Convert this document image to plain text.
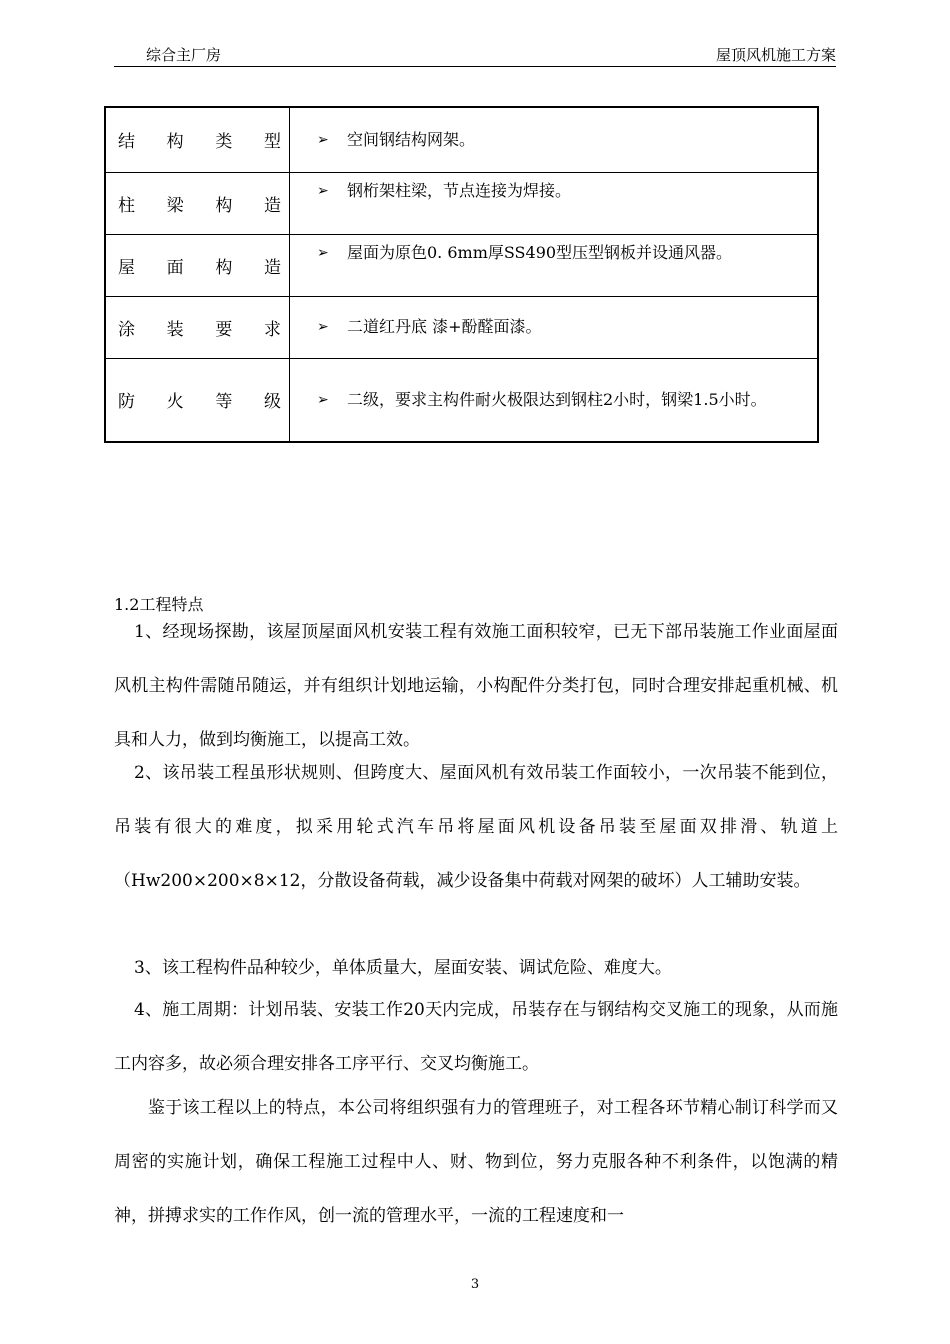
综合主厂房	屋顶风机施工方案
结 构 类 型	➢ 空间钢结构网架。

柱 梁 构 造	➢ 钢桁架柱梁，节点连接为焊接。

屋 面 构 造	➢ 屋面为原色0. 6mm厚SS490型压型钢板并设通风器。

涂 装 要 求	➢ 二道红丹底 漆+酚醛面漆。

防 火 等 级	➢ 二级，要求主构件耐火极限达到钢柱2小时，钢梁1.5小时。
1.2工程特点

1、经现场探勘，该屋顶屋面风机安装工程有效施工面积较窄，已无下部吊装施工作业面屋面风机主构件需随吊随运，并有组织计划地运输，小构配件分类打包，同时合理安排起重机械、机具和人力，做到均衡施工，以提高工效。

2、该吊装工程虽形状规则、但跨度大、屋面风机有效吊装工作面较小，一次吊装不能到位，吊装有很大的难度，拟采用轮式汽车吊将屋面风机设备吊装至屋面双排滑、轨道上（Hw200×200×8×12，分散设备荷载，减少设备集中荷载对网架的破坏）人工辅助安装。

3、该工程构件品种较少，单体质量大，屋面安装、调试危险、难度大。

4、施工周期：计划吊装、安装工作20天内完成，吊装存在与钢结构交叉施工的现象，从而施工内容多，故必须合理安排各工序平行、交叉均衡施工。

鉴于该工程以上的特点，本公司将组织强有力的管理班子，对工程各环节精心制订科学而又周密的实施计划，确保工程施工过程中人、财、物到位，努力克服各种不利条件，以饱满的精神，拼搏求实的工作作风，创一流的管理水平，一流的工程速度和一

3
